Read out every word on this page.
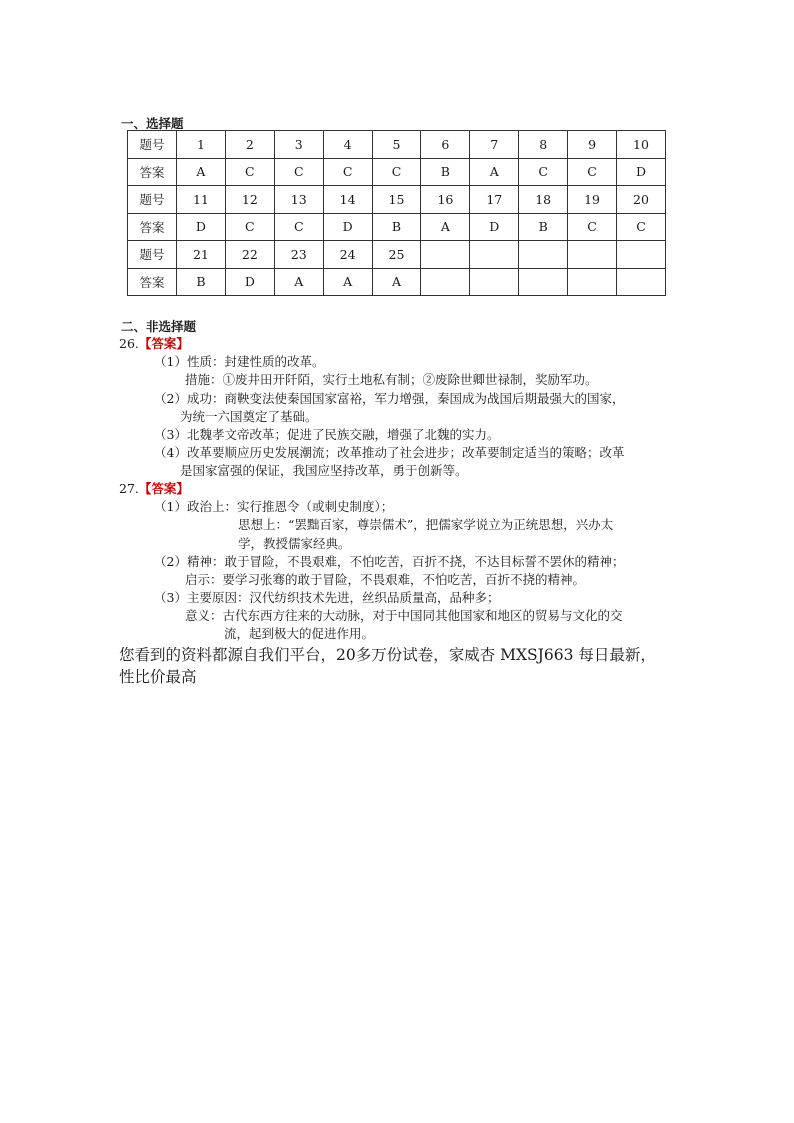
一、选择题
题号	1	2	3	4	5	6	7	8	9	10
答案	A	C	C	C	C	B	A	C	C	D
题号	11	12	13	14	15	16	17	18	19	20
答案	D	C	C	D	B	A	D	B	C	C
题号	21	22	23	24	25					
答案	B	D	A	A	A					
二、非选择题
26.【答案】
（1）性质：封建性质的改革。
措施：①废井田开阡陌，实行土地私有制；②废除世卿世禄制，奖励军功。
（2）成功：商鞅变法使秦国国家富裕，军力增强，秦国成为战国后期最强大的国家，
为统一六国奠定了基础。
（3）北魏孝文帝改革；促进了民族交融，增强了北魏的实力。
（4）改革要顺应历史发展潮流；改革推动了社会进步；改革要制定适当的策略；改革
是国家富强的保证，我国应坚持改革，勇于创新等。
27.【答案】
（1）政治上：实行推恩令（或刺史制度）；
思想上：“罢黜百家，尊崇儒术”，把儒家学说立为正统思想，兴办太
学，教授儒家经典。
（2）精神：敢于冒险，不畏艰难，不怕吃苦，百折不挠，不达目标誓不罢休的精神；
启示：要学习张骞的敢于冒险，不畏艰难，不怕吃苦，百折不挠的精神。
（3）主要原因：汉代纺织技术先进，丝织品质量高，品种多；
意义：古代东西方往来的大动脉，对于中国同其他国家和地区的贸易与文化的交
流，起到极大的促进作用。
您看到的资料都源自我们平台，20多万份试卷，家威杏 MXSJ663 每日最新，
性比价最高
